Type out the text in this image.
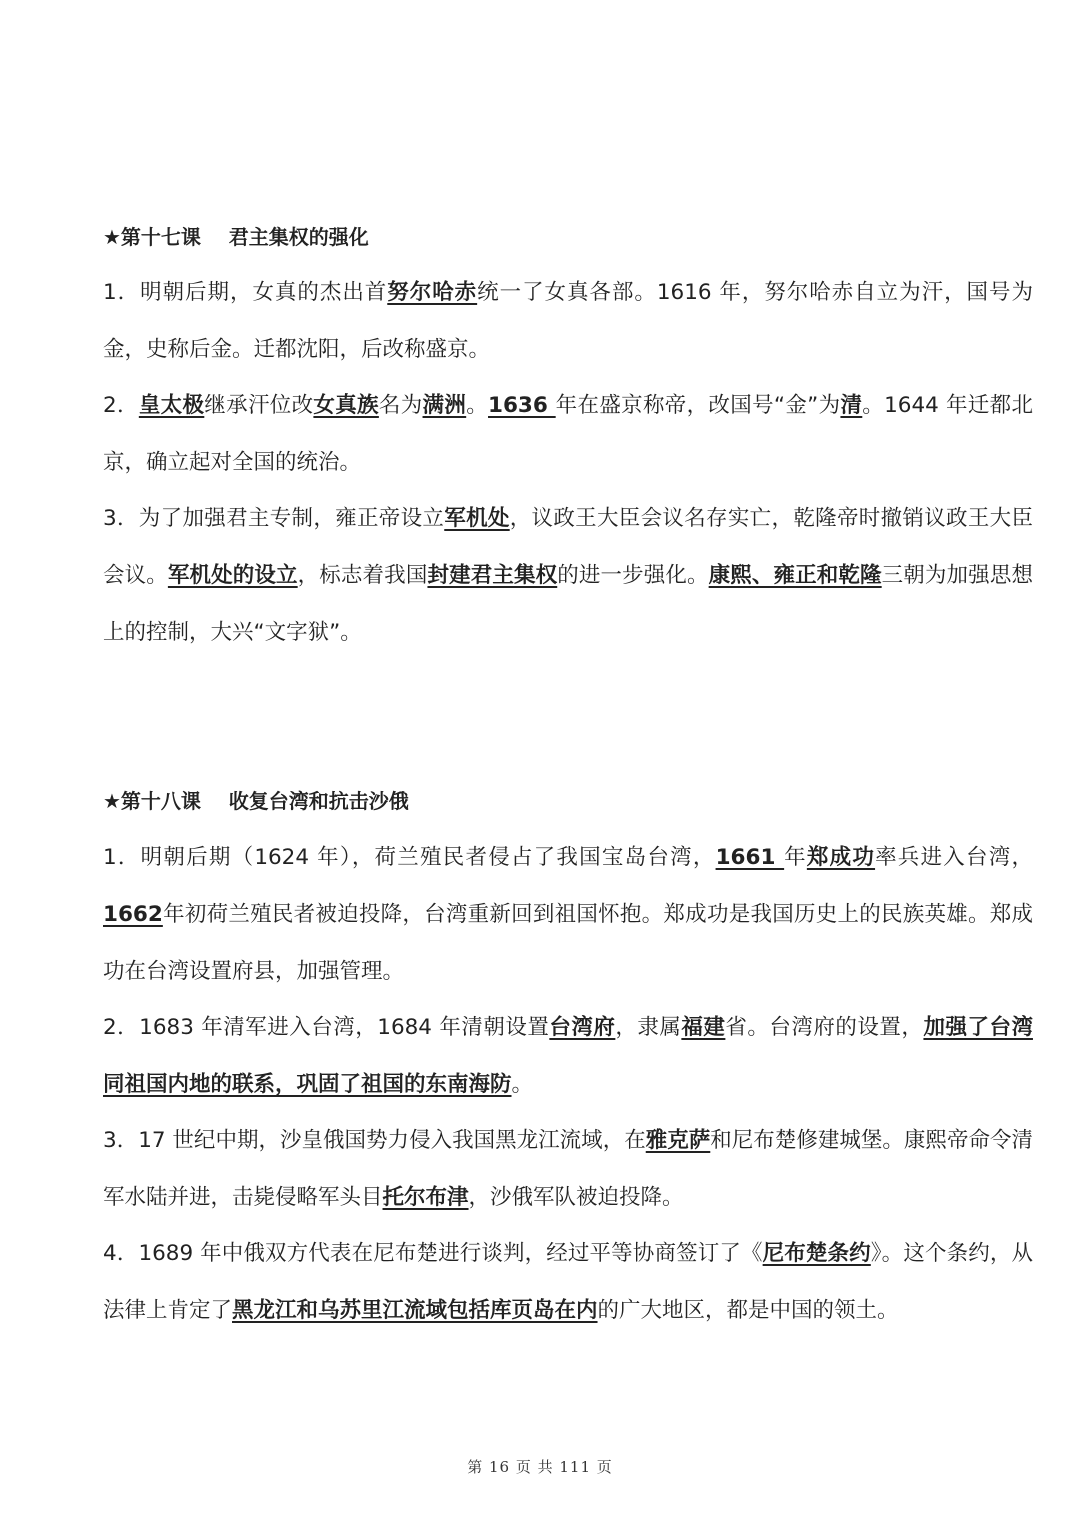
★第十七课    君主集权的强化
1．明朝后期，女真的杰出首努尔哈赤统一了女真各部。1616 年，努尔哈赤自立为汗，国号为金，史称后金。迁都沈阳，后改称盛京。
2．皇太极继承汗位改女真族名为满洲。1636 年在盛京称帝，改国号“金”为清。1644 年迁都北京，确立起对全国的统治。
3．为了加强君主专制，雍正帝设立军机处，议政王大臣会议名存实亡，乾隆帝时撤销议政王大臣会议。军机处的设立，标志着我国封建君主集权的进一步强化。康熙、雍正和乾隆三朝为加强思想上的控制，大兴“文字狱”。
★第十八课    收复台湾和抗击沙俄
1．明朝后期（1624 年），荷兰殖民者侵占了我国宝岛台湾，1661 年郑成功率兵进入台湾，1662年初荷兰殖民者被迫投降，台湾重新回到祖国怀抱。郑成功是我国历史上的民族英雄。郑成功在台湾设置府县，加强管理。
2．1683 年清军进入台湾，1684 年清朝设置台湾府，隶属福建省。台湾府的设置，加强了台湾同祖国内地的联系，巩固了祖国的东南海防。
3．17 世纪中期，沙皇俄国势力侵入我国黑龙江流域，在雅克萨和尼布楚修建城堡。康熙帝命令清军水陆并进，击毙侵略军头目托尔布津，沙俄军队被迫投降。
4．1689 年中俄双方代表在尼布楚进行谈判，经过平等协商签订了《尼布楚条约》。这个条约，从法律上肯定了黑龙江和乌苏里江流域包括库页岛在内的广大地区，都是中国的领土。
第 16 页 共 111 页
